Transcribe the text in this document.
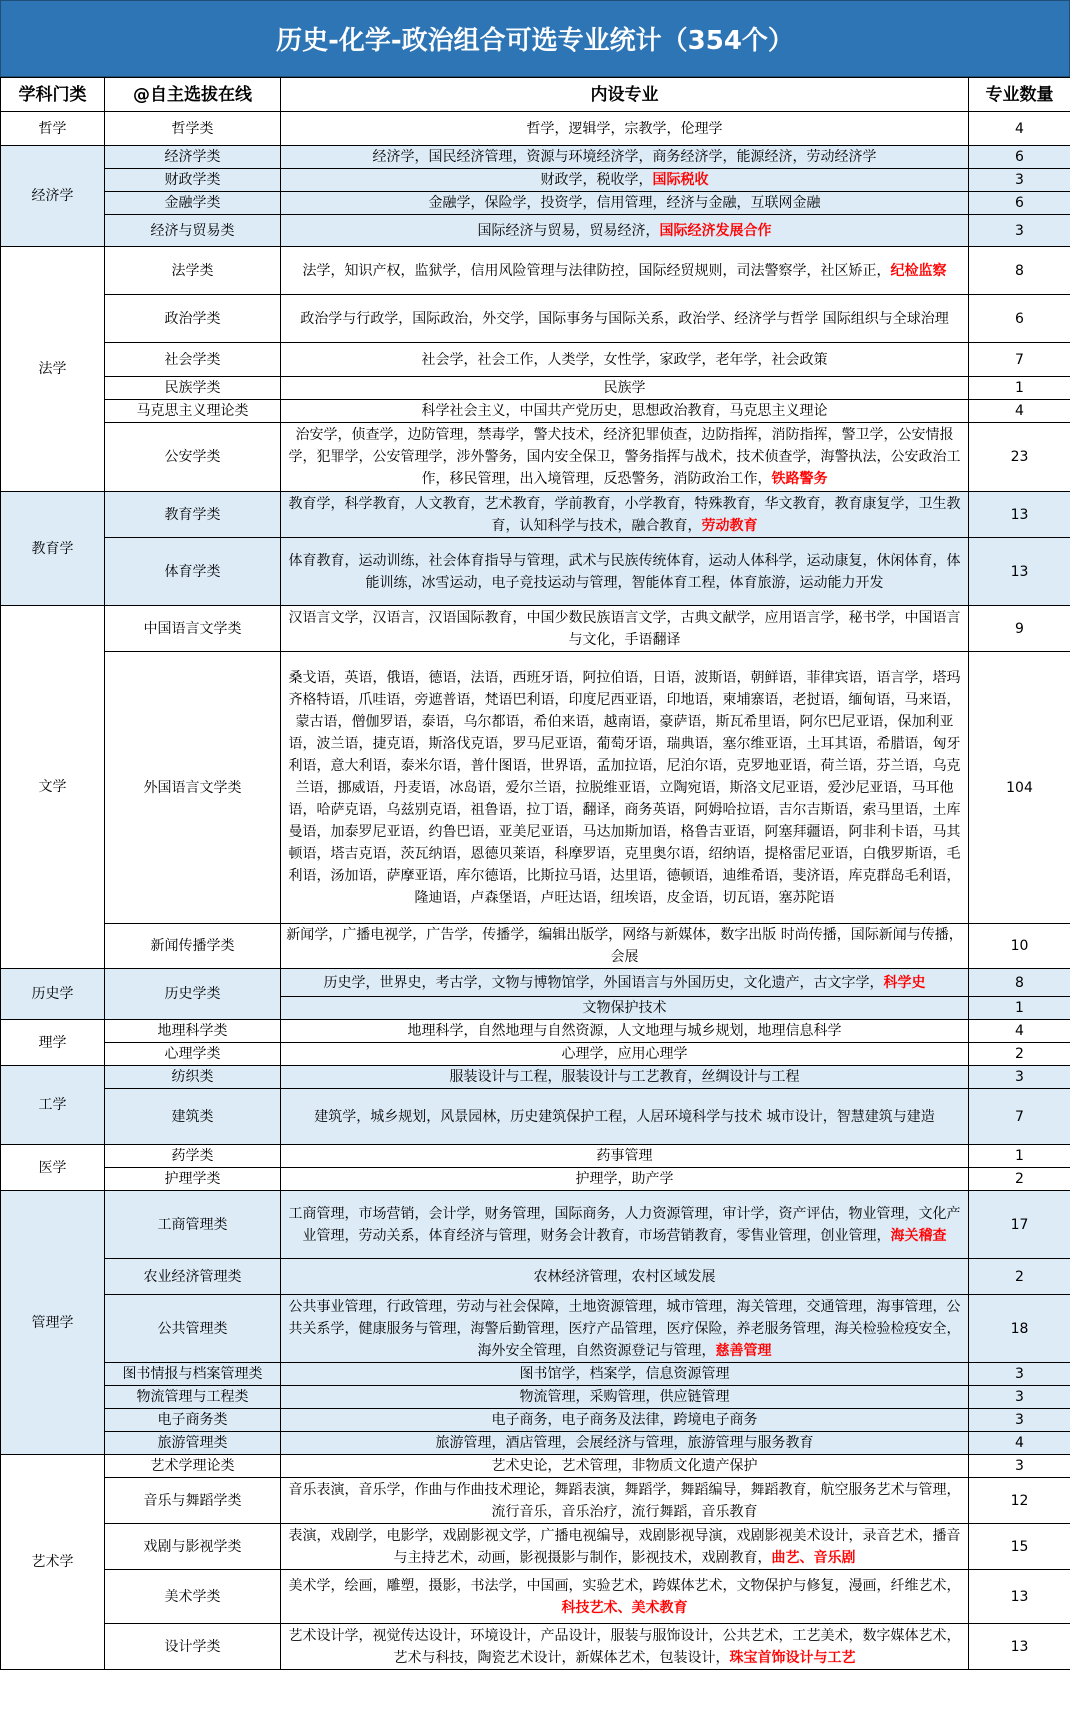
历史-化学-政治组合可选专业统计（354个）
学科门类	@自主选拔在线	内设专业	专业数量
哲学	哲学类	哲学，逻辑学，宗教学，伦理学	4
经济学	经济学类	经济学，国民经济管理，资源与环境经济学，商务经济学，能源经济，劳动经济学	6
	财政学类	财政学，税收学，国际税收	3
	金融学类	金融学，保险学，投资学，信用管理，经济与金融，互联网金融	6
	经济与贸易类	国际经济与贸易，贸易经济，国际经济发展合作	3
法学	法学类	法学，知识产权，监狱学，信用风险管理与法律防控，国际经贸规则，司法警察学，社区矫正，纪检监察	8
	政治学类	政治学与行政学，国际政治，外交学，国际事务与国际关系，政治学、经济学与哲学 国际组织与全球治理	6
	社会学类	社会学，社会工作，人类学，女性学，家政学，老年学，社会政策	7
	民族学类	民族学	1
	马克思主义理论类	科学社会主义，中国共产党历史，思想政治教育，马克思主义理论	4
	公安学类	治安学，侦查学，边防管理，禁毒学，警犬技术，经济犯罪侦查，边防指挥，消防指挥，警卫学，公安情报学，犯罪学，公安管理学，涉外警务，国内安全保卫，警务指挥与战术，技术侦查学，海警执法，公安政治工作，移民管理，出入境管理，反恐警务，消防政治工作，铁路警务	23
教育学	教育学类	教育学，科学教育，人文教育，艺术教育，学前教育，小学教育，特殊教育，华文教育，教育康复学，卫生教育，认知科学与技术，融合教育，劳动教育	13
	体育学类	体育教育，运动训练，社会体育指导与管理，武术与民族传统体育，运动人体科学，运动康复，休闲体育，体能训练，冰雪运动，电子竞技运动与管理，智能体育工程，体育旅游，运动能力开发	13
文学	中国语言文学类	汉语言文学，汉语言，汉语国际教育，中国少数民族语言文学，古典文献学，应用语言学，秘书学，中国语言与文化，手语翻译	9
	外国语言文学类	桑戈语，英语，俄语，德语，法语，西班牙语，阿拉伯语，日语，波斯语，朝鲜语，菲律宾语，语言学，塔玛齐格特语，爪哇语，旁遮普语，梵语巴利语，印度尼西亚语，印地语，柬埔寨语，老挝语，缅甸语，马来语，蒙古语，僧伽罗语，泰语，乌尔都语，希伯来语，越南语，豪萨语，斯瓦希里语，阿尔巴尼亚语，保加利亚语，波兰语，捷克语，斯洛伐克语，罗马尼亚语，葡萄牙语，瑞典语，塞尔维亚语，土耳其语，希腊语，匈牙利语，意大利语，泰米尔语，普什图语，世界语，孟加拉语，尼泊尔语，克罗地亚语，荷兰语，芬兰语，乌克兰语，挪威语，丹麦语，冰岛语，爱尔兰语，拉脱维亚语，立陶宛语，斯洛文尼亚语，爱沙尼亚语，马耳他语，哈萨克语，乌兹别克语，祖鲁语，拉丁语，翻译，商务英语，阿姆哈拉语，吉尔吉斯语，索马里语，土库曼语，加泰罗尼亚语，约鲁巴语，亚美尼亚语，马达加斯加语，格鲁吉亚语，阿塞拜疆语，阿非利卡语，马其顿语，塔吉克语，茨瓦纳语，恩德贝莱语，科摩罗语，克里奥尔语，绍纳语，提格雷尼亚语，白俄罗斯语，毛利语，汤加语，萨摩亚语，库尔德语，比斯拉马语，达里语，德顿语，迪维希语，斐济语，库克群岛毛利语，隆迪语，卢森堡语，卢旺达语，纽埃语，皮金语，切瓦语，塞苏陀语	104
	新闻传播学类	新闻学，广播电视学，广告学，传播学，编辑出版学，网络与新媒体，数字出版 时尚传播，国际新闻与传播，会展	10
历史学	历史学类	历史学，世界史，考古学，文物与博物馆学，外国语言与外国历史，文化遗产，古文字学，科学史	8
		文物保护技术	1
理学	地理科学类	地理科学，自然地理与自然资源，人文地理与城乡规划，地理信息科学	4
	心理学类	心理学，应用心理学	2
工学	纺织类	服装设计与工程，服装设计与工艺教育，丝绸设计与工程	3
	建筑类	建筑学，城乡规划，风景园林，历史建筑保护工程，人居环境科学与技术 城市设计，智慧建筑与建造	7
医学	药学类	药事管理	1
	护理学类	护理学，助产学	2
管理学	工商管理类	工商管理，市场营销，会计学，财务管理，国际商务，人力资源管理，审计学，资产评估，物业管理，文化产业管理，劳动关系，体育经济与管理，财务会计教育，市场营销教育，零售业管理，创业管理，海关稽查	17
	农业经济管理类	农林经济管理，农村区域发展	2
	公共管理类	公共事业管理，行政管理，劳动与社会保障，土地资源管理，城市管理，海关管理，交通管理，海事管理，公共关系学，健康服务与管理，海警后勤管理，医疗产品管理，医疗保险，养老服务管理，海关检验检疫安全，海外安全管理，自然资源登记与管理，慈善管理	18
	图书情报与档案管理类	图书馆学，档案学，信息资源管理	3
	物流管理与工程类	物流管理，采购管理，供应链管理	3
	电子商务类	电子商务，电子商务及法律，跨境电子商务	3
	旅游管理类	旅游管理，酒店管理，会展经济与管理，旅游管理与服务教育	4
艺术学	艺术学理论类	艺术史论，艺术管理，非物质文化遗产保护	3
	音乐与舞蹈学类	音乐表演，音乐学，作曲与作曲技术理论，舞蹈表演，舞蹈学，舞蹈编导，舞蹈教育，航空服务艺术与管理，流行音乐，音乐治疗，流行舞蹈，音乐教育	12
	戏剧与影视学类	表演，戏剧学，电影学，戏剧影视文学，广播电视编导，戏剧影视导演，戏剧影视美术设计，录音艺术，播音与主持艺术，动画，影视摄影与制作，影视技术，戏剧教育，曲艺、音乐剧	15
	美术学类	美术学，绘画，雕塑，摄影，书法学，中国画，实验艺术，跨媒体艺术，文物保护与修复，漫画，纤维艺术，科技艺术、美术教育	13
	设计学类	艺术设计学，视觉传达设计，环境设计，产品设计，服装与服饰设计，公共艺术，工艺美术，数字媒体艺术，艺术与科技，陶瓷艺术设计，新媒体艺术，包装设计，珠宝首饰设计与工艺	13
